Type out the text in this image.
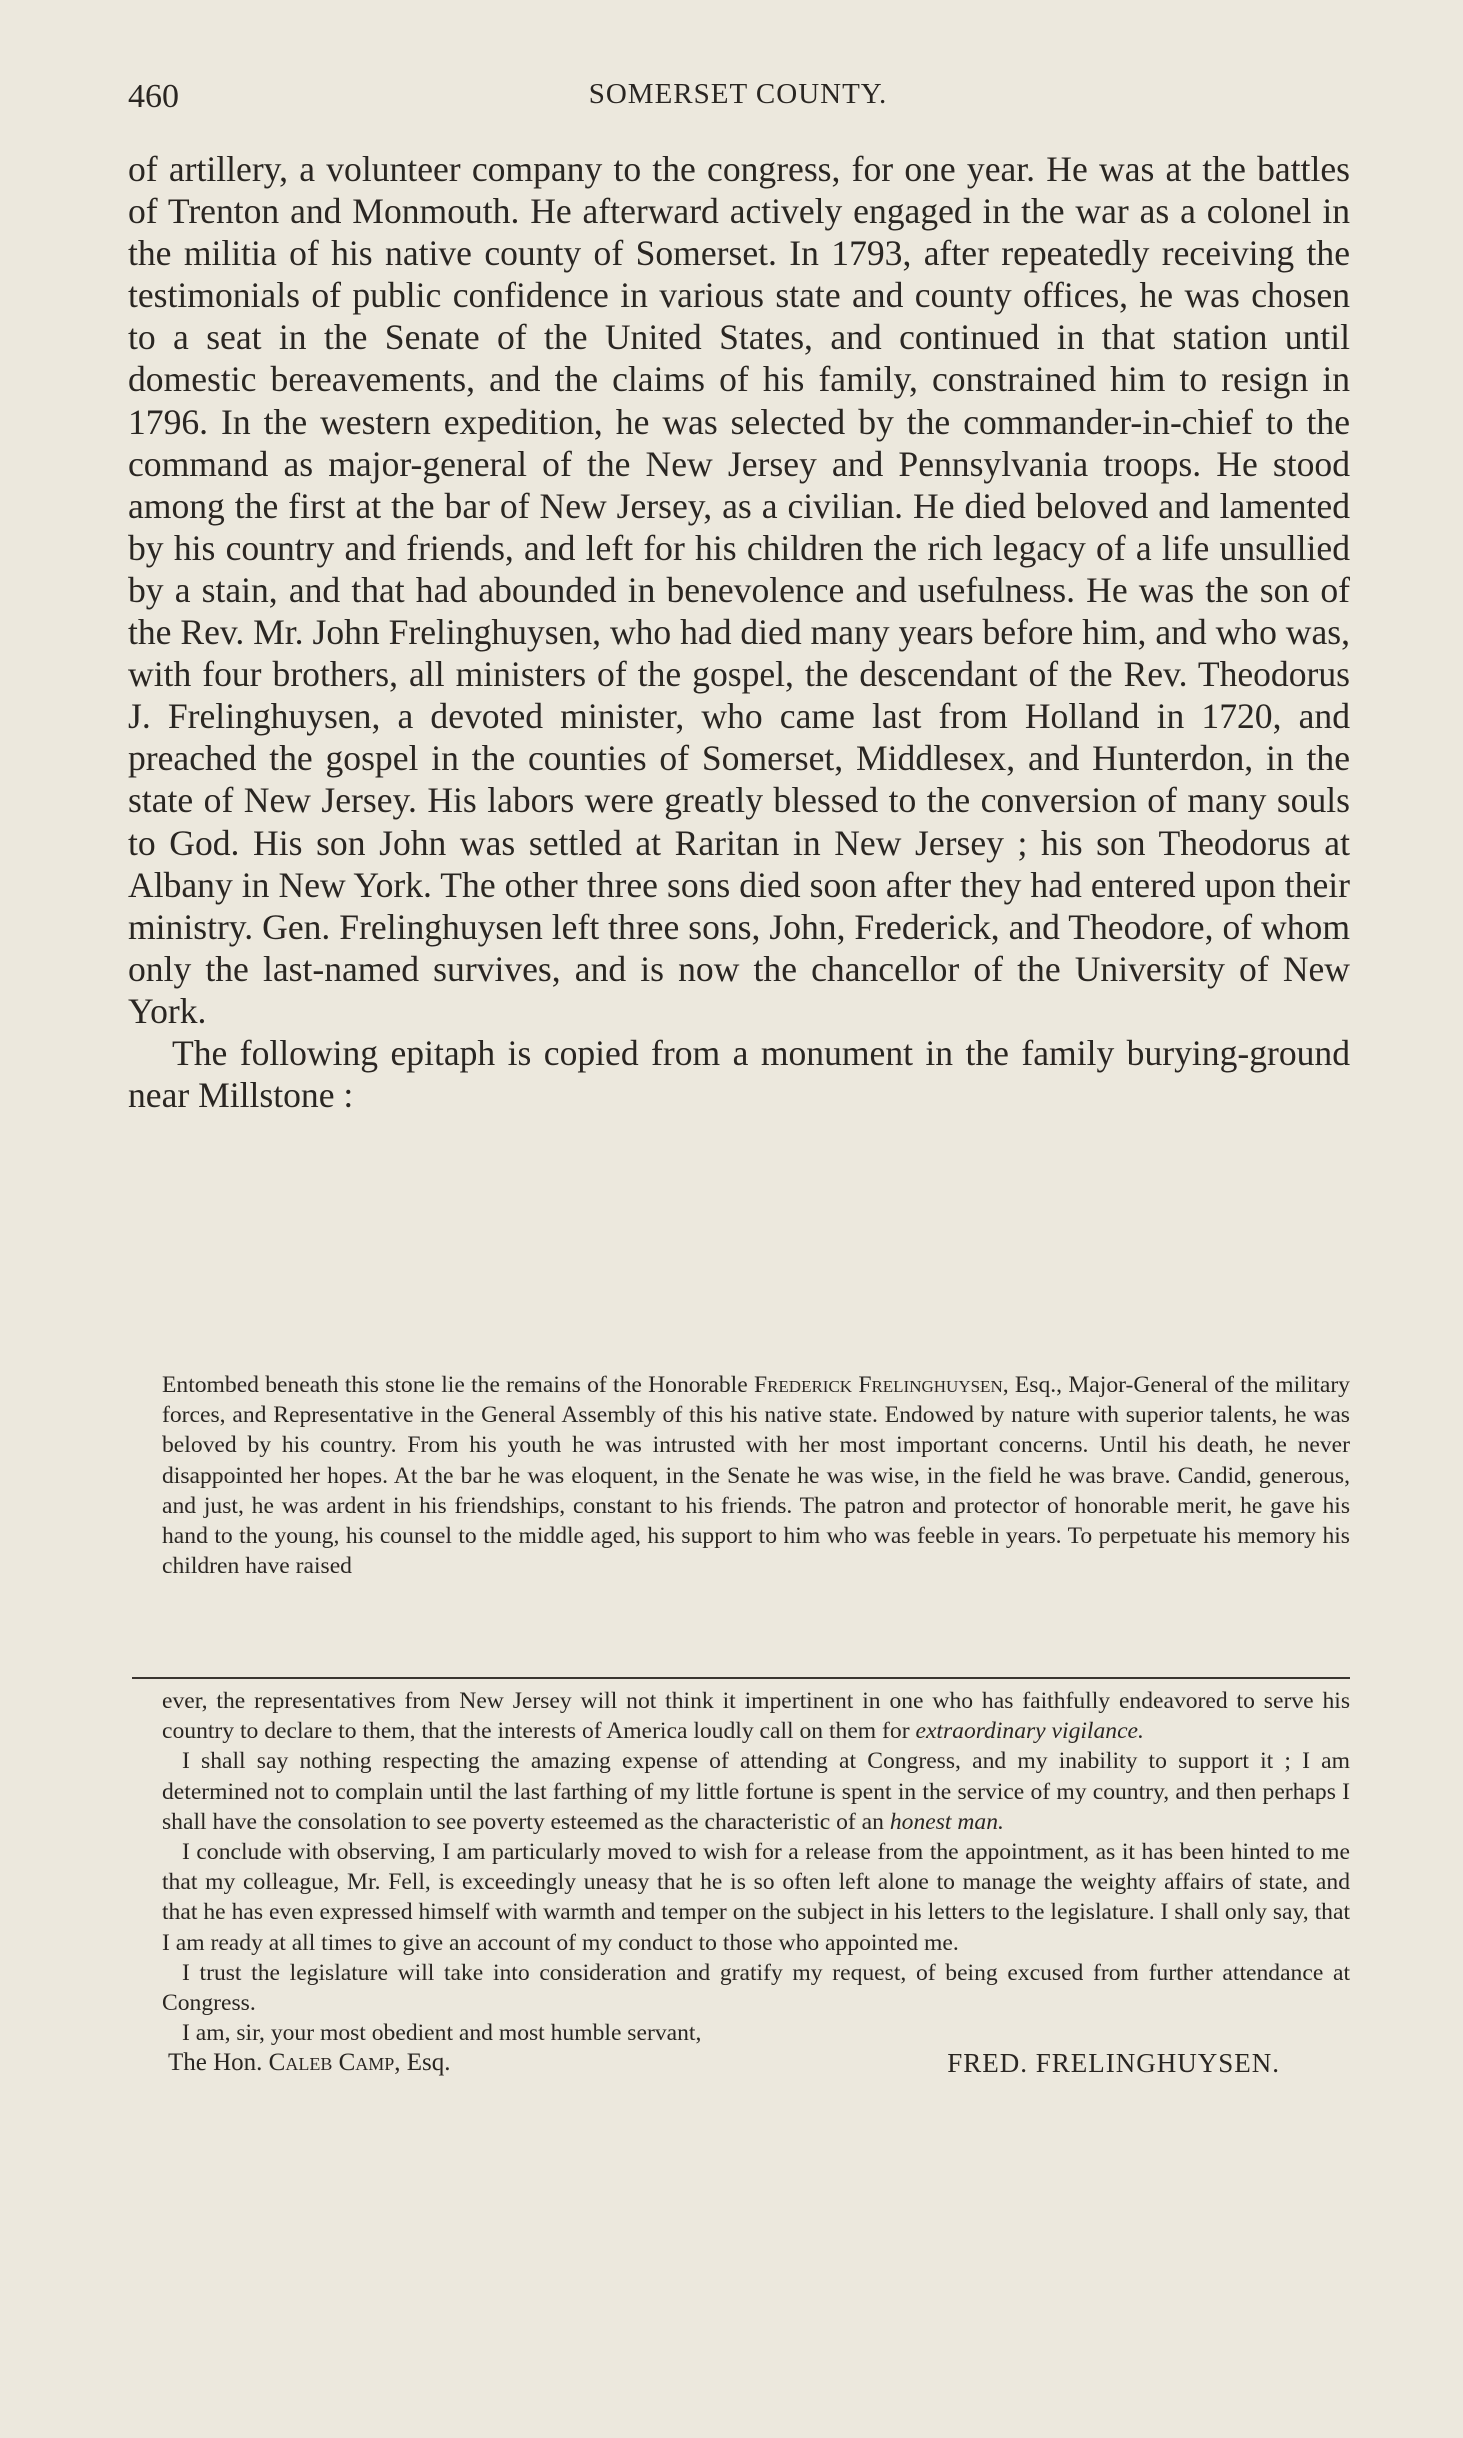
460	SOMERSET COUNTY.

of artillery, a volunteer company to the congress, for one year. He was at the battles of Trenton and Monmouth. He afterward actively engaged in the war as a colonel in the militia of his native county of Somerset. In 1793, after repeatedly receiving the testimonials of public confidence in various state and county offices, he was chosen to a seat in the Senate of the United States, and continued in that station until domestic bereavements, and the claims of his family, constrained him to resign in 1796. In the western expedition, he was selected by the commander-in-chief to the command as major-general of the New Jersey and Pennsylvania troops. He stood among the first at the bar of New Jersey, as a civilian. He died beloved and lamented by his country and friends, and left for his children the rich legacy of a life unsullied by a stain, and that had abounded in benevolence and usefulness. He was the son of the Rev. Mr. John Frelinghuysen, who had died many years before him, and who was, with four brothers, all ministers of the gospel, the descendant of the Rev. Theodorus J. Frelinghuysen, a devoted minister, who came last from Holland in 1720, and preached the gospel in the counties of Somerset, Middlesex, and Hunterdon, in the state of New Jersey. His labors were greatly blessed to the conversion of many souls to God. His son John was settled at Raritan in New Jersey ; his son Theodorus at Albany in New York. The other three sons died soon after they had entered upon their ministry. Gen. Frelinghuysen left three sons, John, Frederick, and Theodore, of whom only the last-named survives, and is now the chancellor of the University of New York.

The following epitaph is copied from a monument in the family burying-ground near Millstone :

Entombed beneath this stone lie the remains of the Honorable Frederick Frelinghuysen, Esq., Major-General of the military forces, and Representative in the General Assembly of this his native state. Endowed by nature with superior talents, he was beloved by his country. From his youth he was intrusted with her most important concerns. Until his death, he never disappointed her hopes. At the bar he was eloquent, in the Senate he was wise, in the field he was brave. Candid, generous, and just, he was ardent in his friendships, constant to his friends. The patron and protector of honorable merit, he gave his hand to the young, his counsel to the middle aged, his support to him who was feeble in years. To perpetuate his memory his children have raised

ever, the representatives from New Jersey will not think it impertinent in one who has faithfully endeavored to serve his country to declare to them, that the interests of America loudly call on them for extraordinary vigilance.

I shall say nothing respecting the amazing expense of attending at Congress, and my inability to support it ; I am determined not to complain until the last farthing of my little fortune is spent in the service of my country, and then perhaps I shall have the consolation to see poverty esteemed as the characteristic of an honest man.

I conclude with observing, I am particularly moved to wish for a release from the appointment, as it has been hinted to me that my colleague, Mr. Fell, is exceedingly uneasy that he is so often left alone to manage the weighty affairs of state, and that he has even expressed himself with warmth and temper on the subject in his letters to the legislature. I shall only say, that I am ready at all times to give an account of my conduct to those who appointed me.

I trust the legislature will take into consideration and gratify my request, of being excused from further attendance at Congress.

I am, sir, your most obedient and most humble servant,

The Hon. Caleb Camp, Esq.	FRED. FRELINGHUYSEN.
